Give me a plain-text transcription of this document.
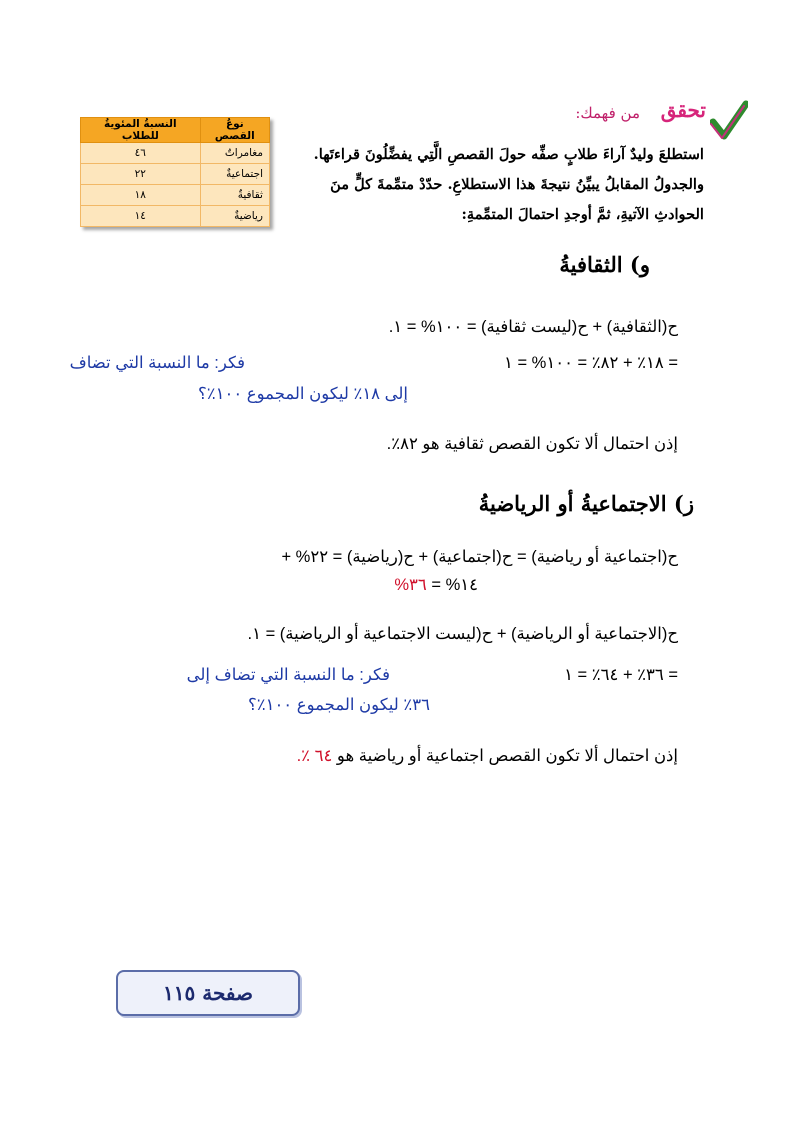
تحقق
من فهمك:
استطلعَ وليدٌ آراءَ طلابٍ صفِّه حولَ القصصِ الَّتِي يفضِّلُونَ قراءتَها. والجدولُ المقابلُ يبيِّنُ نتيجةَ هذا الاستطلاعِ. حدّدْ متمِّمةَ كلٍّ منَ الحوادثِ الآتيةِ، ثمَّ أوجدِ احتمالَ المتمِّمةِ:
نوعُ القصص	النسبةُ المئويةُ للطلاب
مغامراتٌ	٤٦
اجتماعيةٌ	٢٢
ثقافيةٌ	١٨
رياضيةٌ	١٤
و) الثقافيةُ
ح(الثقافية) + ح(ليست ثقافية) = ١٠٠% = ١.
= ١٨٪ + ٨٢٪ = ١٠٠% = ١
فكر: ما النسبة التي تضاف
إلى ١٨٪ ليكون المجموع ١٠٠٪؟
إذن احتمال ألا تكون القصص ثقافية هو ٨٢٪.
ز) الاجتماعيةُ أو الرياضيةُ
ح(اجتماعية أو رياضية) = ح(اجتماعية) + ح(رياضية) = ٢٢% +
١٤% = ٣٦%
ح(الاجتماعية أو الرياضية) + ح(ليست الاجتماعية أو الرياضية) = ١.
= ٣٦٪ + ٦٤٪ = ١
فكر: ما النسبة التي تضاف إلى
٣٦٪ ليكون المجموع ١٠٠٪؟
إذن احتمال ألا تكون القصص اجتماعية أو رياضية هو ٦٤ ٪.
صفحة ١١٥
